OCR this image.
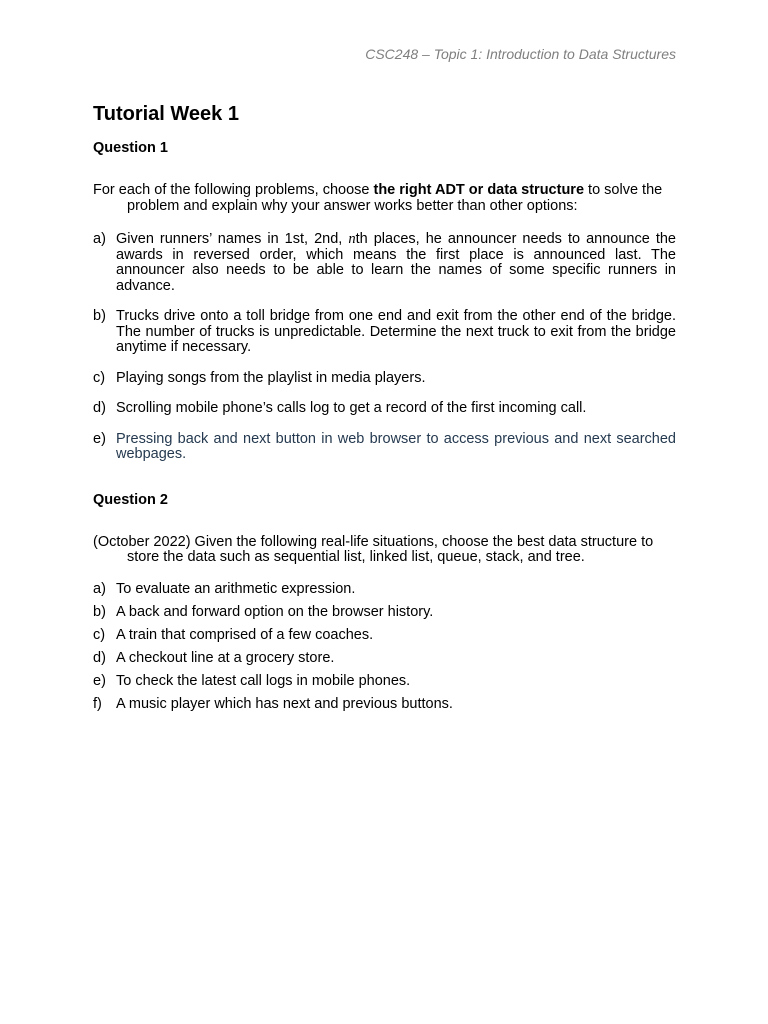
CSC248 – Topic 1: Introduction to Data Structures
Tutorial Week 1
Question 1

For each of the following problems, choose the right ADT or data structure to solve the problem and explain why your answer works better than other options:

a) Given runners’ names in 1st, 2nd, nth places, he announcer needs to announce the awards in reversed order, which means the first place is announced last. The announcer also needs to be able to learn the names of some specific runners in advance.
b) Trucks drive onto a toll bridge from one end and exit from the other end of the bridge. The number of trucks is unpredictable. Determine the next truck to exit from the bridge anytime if necessary.
c) Playing songs from the playlist in media players.
d) Scrolling mobile phone’s calls log to get a record of the first incoming call.
e) Pressing back and next button in web browser to access previous and next searched webpages.
Question 2

(October 2022) Given the following real-life situations, choose the best data structure to store the data such as sequential list, linked list, queue, stack, and tree.

a) To evaluate an arithmetic expression.
b) A back and forward option on the browser history.
c) A train that comprised of a few coaches.
d) A checkout line at a grocery store.
e) To check the latest call logs in mobile phones.
f) A music player which has next and previous buttons.
